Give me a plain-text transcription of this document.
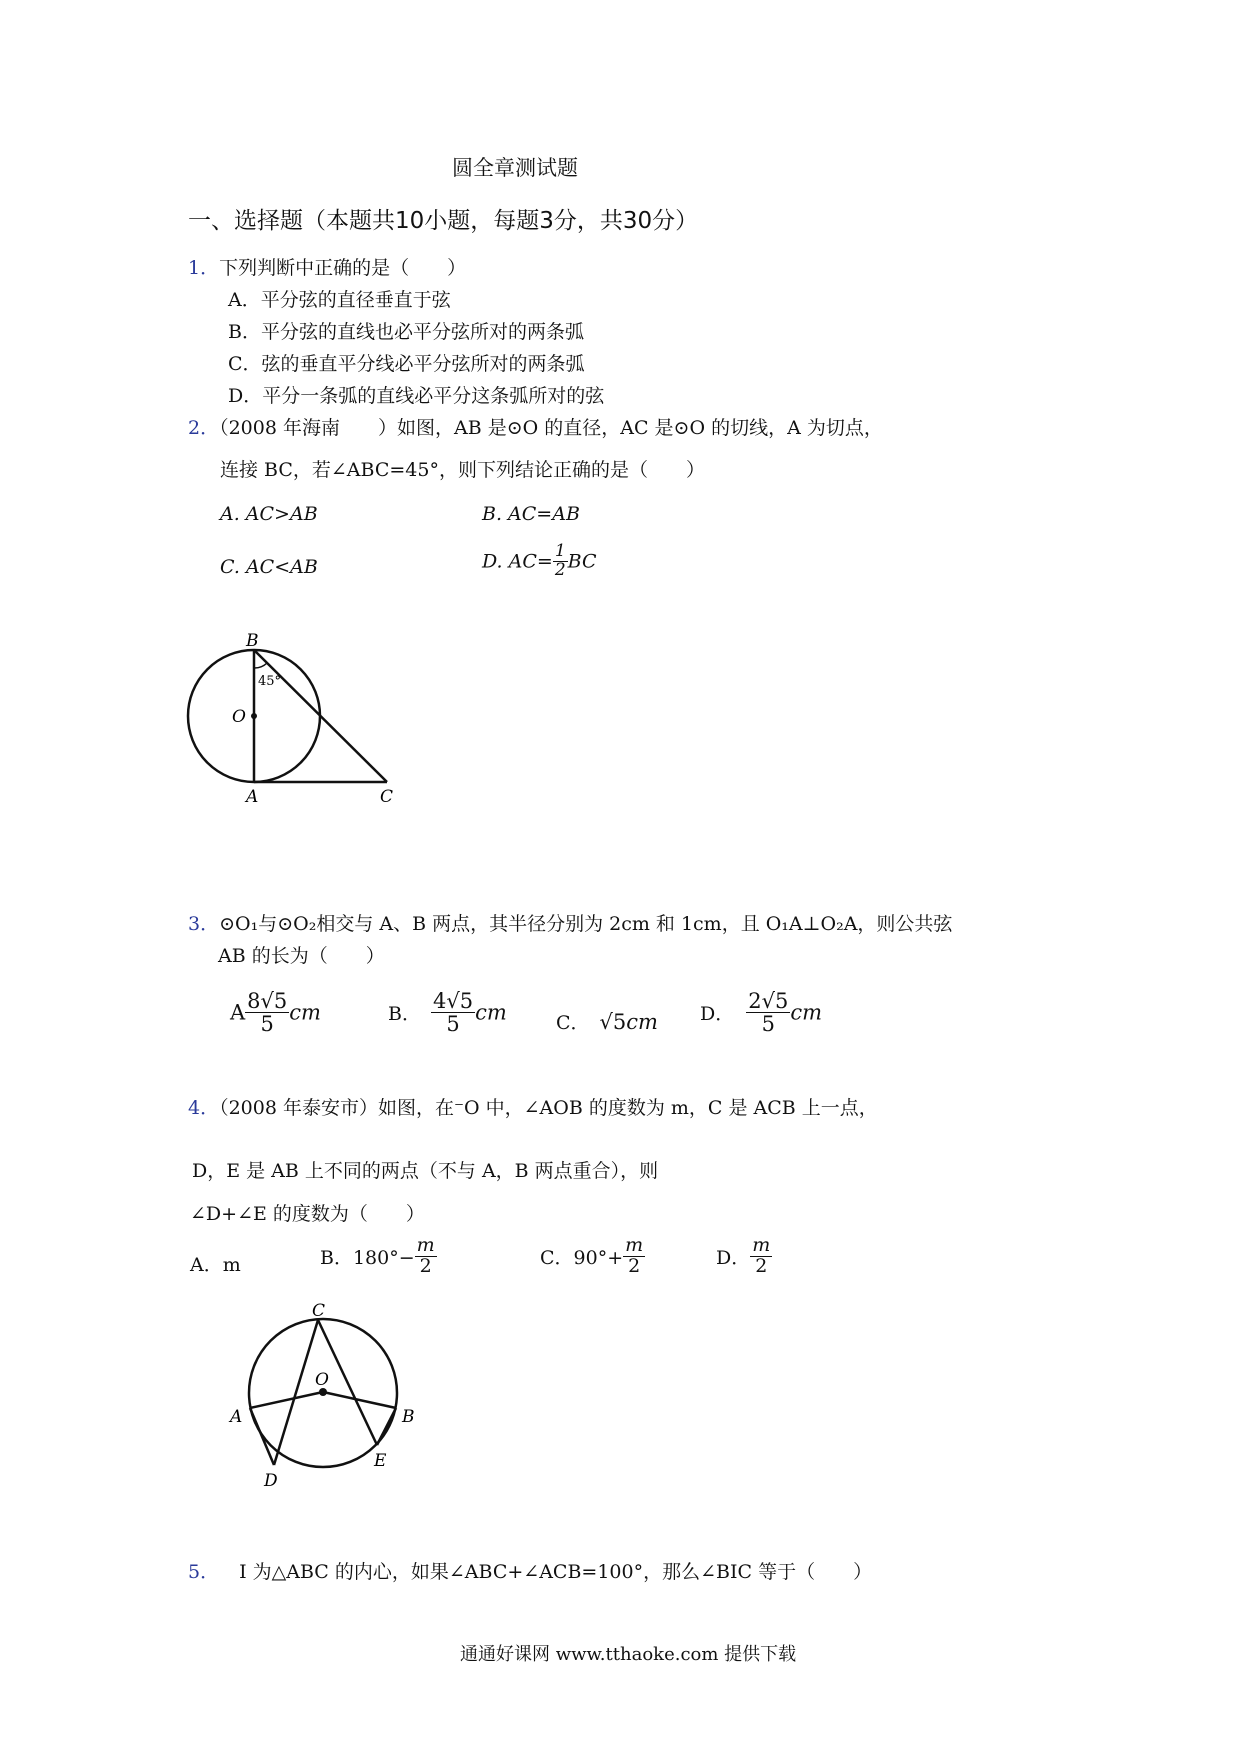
圆全章测试题
一、选择题（本题共10小题，每题3分，共30分）
1．下列判断中正确的是（　　）
A．平分弦的直径垂直于弦
B．平分弦的直线也必平分弦所对的两条弧
C．弦的垂直平分线必平分弦所对的两条弧
D．平分一条弧的直线必平分这条弧所对的弦
2．（2008 年海南　　）如图，AB 是⊙O 的直径，AC 是⊙O 的切线，A 为切点，
连接 BC，若∠ABC=45°，则下列结论正确的是（　　）
A. AC>AB	B. AC=AB
C. AC<AB	D. $AC= \frac{1}{2}$ BC
B
O
A	C
45°
3．⊙O₁与⊙O₂相交与 A、B 两点，其半径分别为 2cm 和 1cm，且 O₁A⊥O₂A，则公共弦
AB 的长为（　　）
A $\frac{8√5}{5}$ cm	B． $\frac{4√5}{5}$ cm	C． √5cm D． $\frac{2√5}{5}$ cm
4．（2008 年泰安市）如图，在⁻O 中，∠AOB 的度数为 m，C 是 ACB 上一点，
D，E 是 AB 上不同的两点（不与 A，B 两点重合），则
∠D+∠E 的度数为（　　）
A．m	B．$180^\circ- \frac{m}{2}$	C．$90^\circ+ \frac{m}{2}$	D． $\frac{m}{2}$
C
O
A	B
D
E
5． I 为△ABC 的内心，如果∠ABC+∠ACB=100°，那么∠BIC 等于（　　）
通通好课网 www.tthaoke.com 提供下载
